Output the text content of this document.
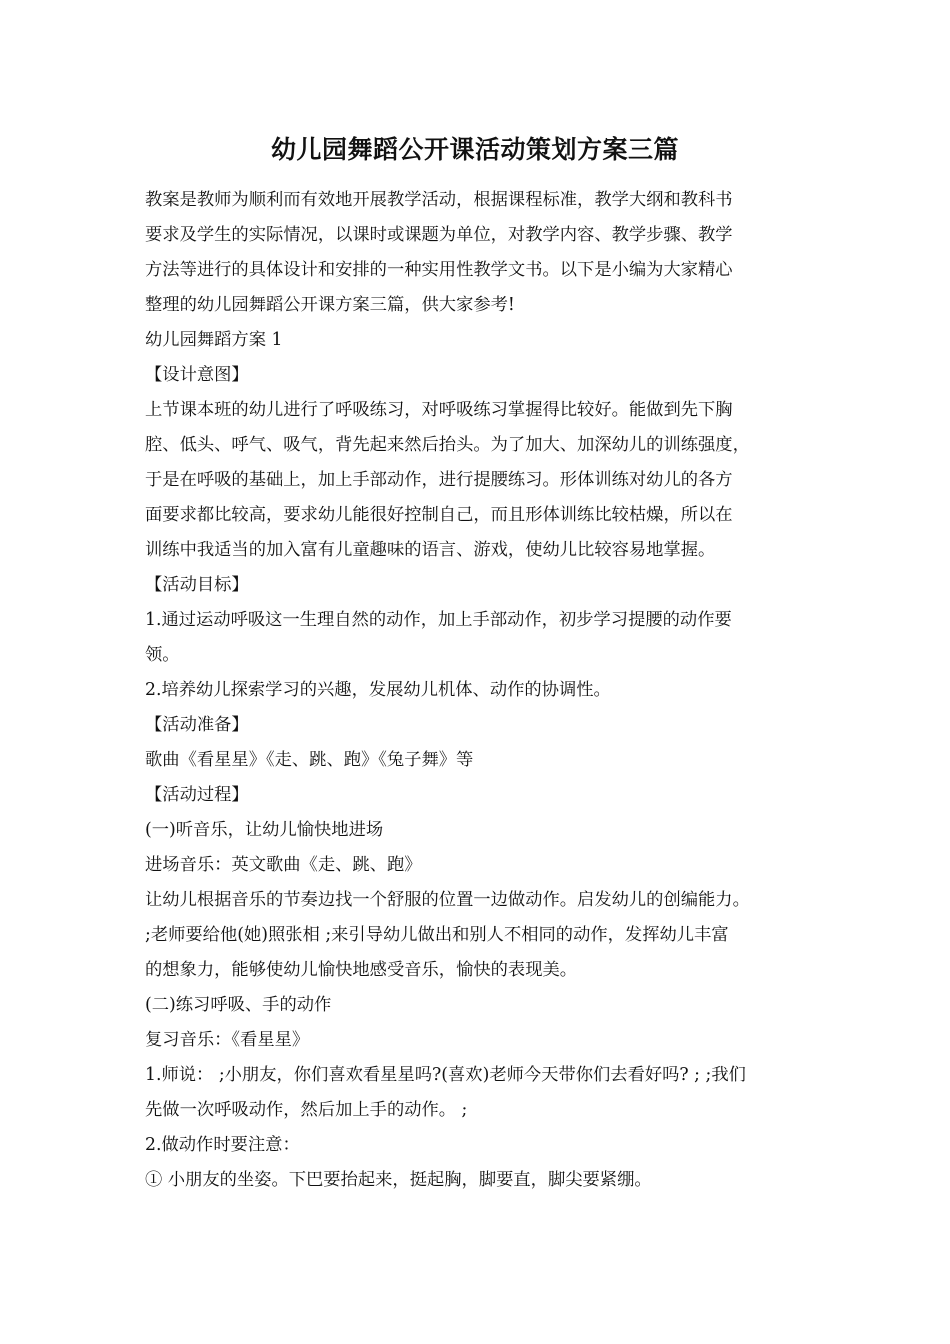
幼儿园舞蹈公开课活动策划方案三篇
教案是教师为顺利而有效地开展教学活动，根据课程标准，教学大纲和教科书
要求及学生的实际情况，以课时或课题为单位，对教学内容、教学步骤、教学
方法等进行的具体设计和安排的一种实用性教学文书。以下是小编为大家精心
整理的幼儿园舞蹈公开课方案三篇，供大家参考!
幼儿园舞蹈方案 1
【设计意图】
上节课本班的幼儿进行了呼吸练习，对呼吸练习掌握得比较好。能做到先下胸
腔、低头、呼气、吸气，背先起来然后抬头。为了加大、加深幼儿的训练强度，
于是在呼吸的基础上，加上手部动作，进行提腰练习。形体训练对幼儿的各方
面要求都比较高，要求幼儿能很好控制自己，而且形体训练比较枯燥，所以在
训练中我适当的加入富有儿童趣味的语言、游戏，使幼儿比较容易地掌握。
【活动目标】
1.通过运动呼吸这一生理自然的动作，加上手部动作，初步学习提腰的动作要
领。
2.培养幼儿探索学习的兴趣，发展幼儿机体、动作的协调性。
【活动准备】
歌曲《看星星》《走、跳、跑》《兔子舞》等
【活动过程】
(一)听音乐，让幼儿愉快地进场
进场音乐：英文歌曲《走、跳、跑》
让幼儿根据音乐的节奏边找一个舒服的位置一边做动作。启发幼儿的创编能力。
;老师要给他(她)照张相 ;来引导幼儿做出和别人不相同的动作，发挥幼儿丰富
的想象力，能够使幼儿愉快地感受音乐，愉快的表现美。
(二)练习呼吸、手的动作
复习音乐：《看星星》
1.师说： ;小朋友，你们喜欢看星星吗?(喜欢)老师今天带你们去看好吗? ; ;我们
先做一次呼吸动作，然后加上手的动作。 ;
2.做动作时要注意：
① 小朋友的坐姿。下巴要抬起来，挺起胸，脚要直，脚尖要紧绷。
